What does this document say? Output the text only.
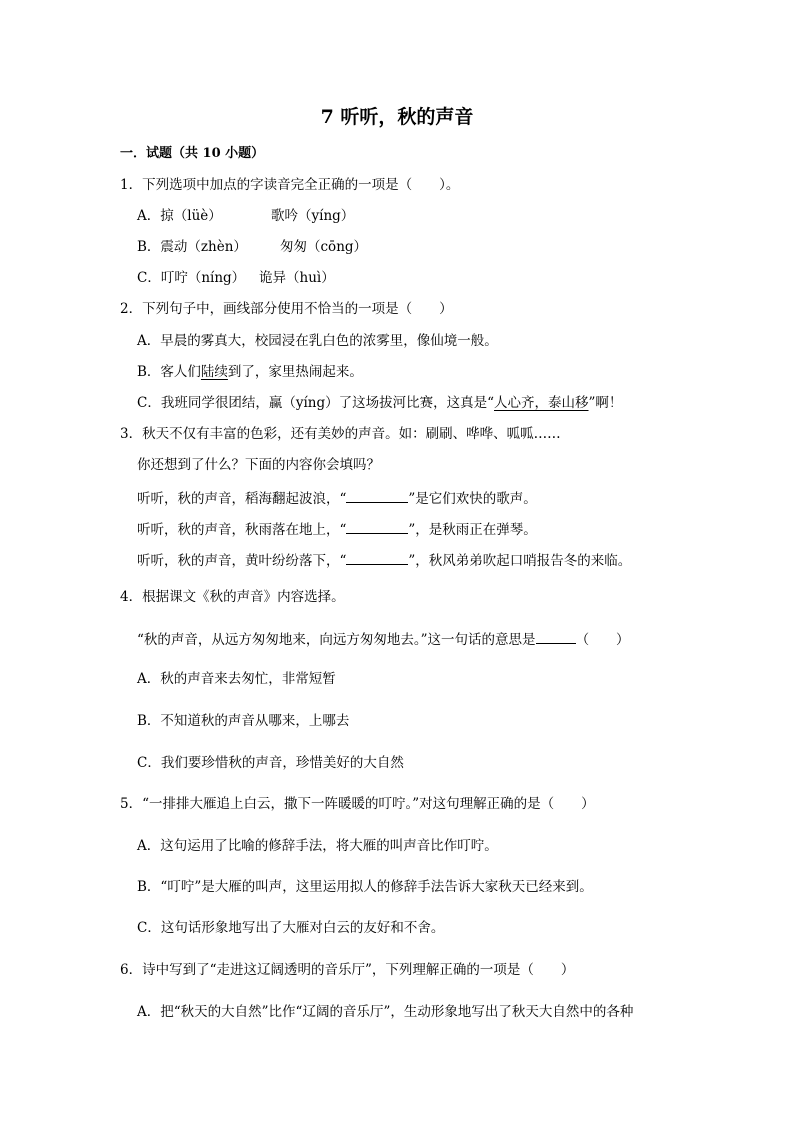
7 听听，秋的声音
一．试题（共 10 小题）
1．下列选项中加点的字读音完全正确的一项是（　　）。
A．掠（lüè）	歌吟（yíng）
B．震动（zhèn） 匆匆（cōng）
C．叮咛（níng） 诡异（huì）
2．下列句子中，画线部分使用不恰当的一项是（　　）
A．早晨的雾真大，校园浸在乳白色的浓雾里，像仙境一般。
B．客人们陆续到了，家里热闹起来。
C．我班同学很团结，赢（yíng）了这场拔河比赛，这真是“人心齐，泰山移”啊！
3．秋天不仅有丰富的色彩，还有美妙的声音。如：刷刷、哗哗、呱呱……
你还想到了什么？下面的内容你会填吗？
听听，秋的声音，稻海翻起波浪，“	”是它们欢快的歌声。
听听，秋的声音，秋雨落在地上，“	”，是秋雨正在弹琴。
听听，秋的声音，黄叶纷纷落下，“	”，秋风弟弟吹起口哨报告冬的来临。
4．根据课文《秋的声音》内容选择。
“秋的声音，从远方匆匆地来，向远方匆匆地去。”这一句话的意思是	（　　）
A．秋的声音来去匆忙，非常短暂
B．不知道秋的声音从哪来，上哪去
C．我们要珍惜秋的声音，珍惜美好的大自然
5．“一排排大雁追上白云，撒下一阵暖暖的叮咛。”对这句理解正确的是（　　）
A．这句运用了比喻的修辞手法，将大雁的叫声音比作叮咛。
B．“叮咛”是大雁的叫声，这里运用拟人的修辞手法告诉大家秋天已经来到。
C．这句话形象地写出了大雁对白云的友好和不舍。
6．诗中写到了“走进这辽阔透明的音乐厅”，下列理解正确的一项是（　　）
A．把“秋天的大自然”比作“辽阔的音乐厅”，生动形象地写出了秋天大自然中的各种
